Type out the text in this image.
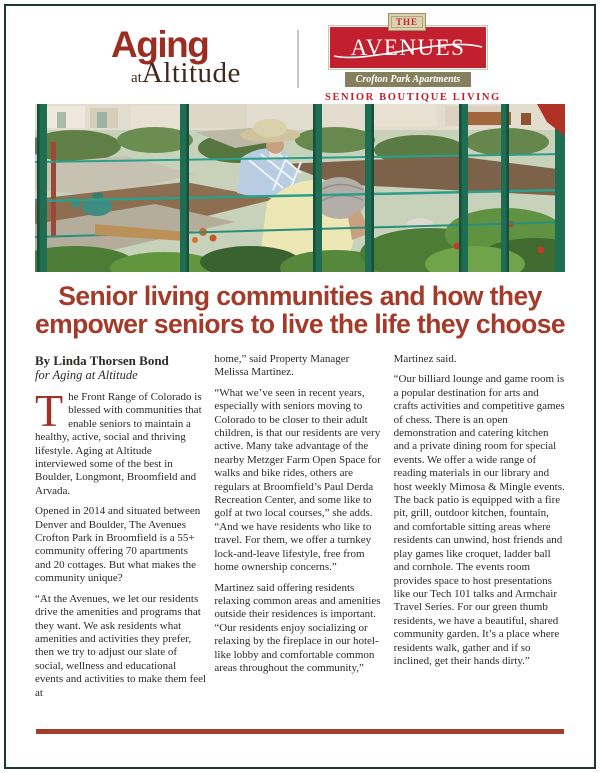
Aging
atAltitude
THE
AVENUES
Crofton Park Apartments
SENIOR BOUTIQUE LIVING
Senior living communities and how they
empower seniors to live the life they choose
By Linda Thorsen Bond
for Aging at Altitude

The Front Range of Colorado is blessed with communities that enable seniors to maintain a healthy, active, social and thriving lifestyle. Aging at Altitude interviewed some of the best in Boulder, Longmont, Broomfield and Arvada.

Opened in 2014 and situated between Denver and Boulder, The Avenues Crofton Park in Broomfield is a 55+ community offering 70 apartments and 20 cottages. But what makes the community unique?

“At the Avenues, we let our residents drive the amenities and programs that they want. We ask residents what amenities and activities they prefer, then we try to adjust our slate of social, wellness and educational events and activities to make them feel at

home,” said Property Manager Melissa Martinez.

“What we’ve seen in recent years, especially with seniors moving to Colorado to be closer to their adult children, is that our residents are very active. Many take advantage of the nearby Metzger Farm Open Space for walks and bike rides, others are regulars at Broomfield’s Paul Derda Recreation Center, and some like to golf at two local courses,” she adds. “And we have residents who like to travel. For them, we offer a turnkey lock-and-leave lifestyle, free from home ownership concerns.”

Martinez said offering residents relaxing common areas and amenities outside their residences is important. “Our residents enjoy socializing or relaxing by the fireplace in our hotel-like lobby and comfortable common areas throughout the community,”

Martinez said.

“Our billiard lounge and game room is a popular destination for arts and crafts activities and competitive games of chess. There is an open demonstration and catering kitchen and a private dining room for special events. We offer a wide range of reading materials in our library and host weekly Mimosa & Mingle events. The back patio is equipped with a fire pit, grill, outdoor kitchen, fountain, and comfortable sitting areas where residents can unwind, host friends and play games like croquet, ladder ball and cornhole. The events room provides space to host presentations like our Tech 101 talks and Armchair Travel Series. For our green thumb residents, we have a beautiful, shared community garden. It’s a place where residents walk, gather and if so inclined, get their hands dirty.”
